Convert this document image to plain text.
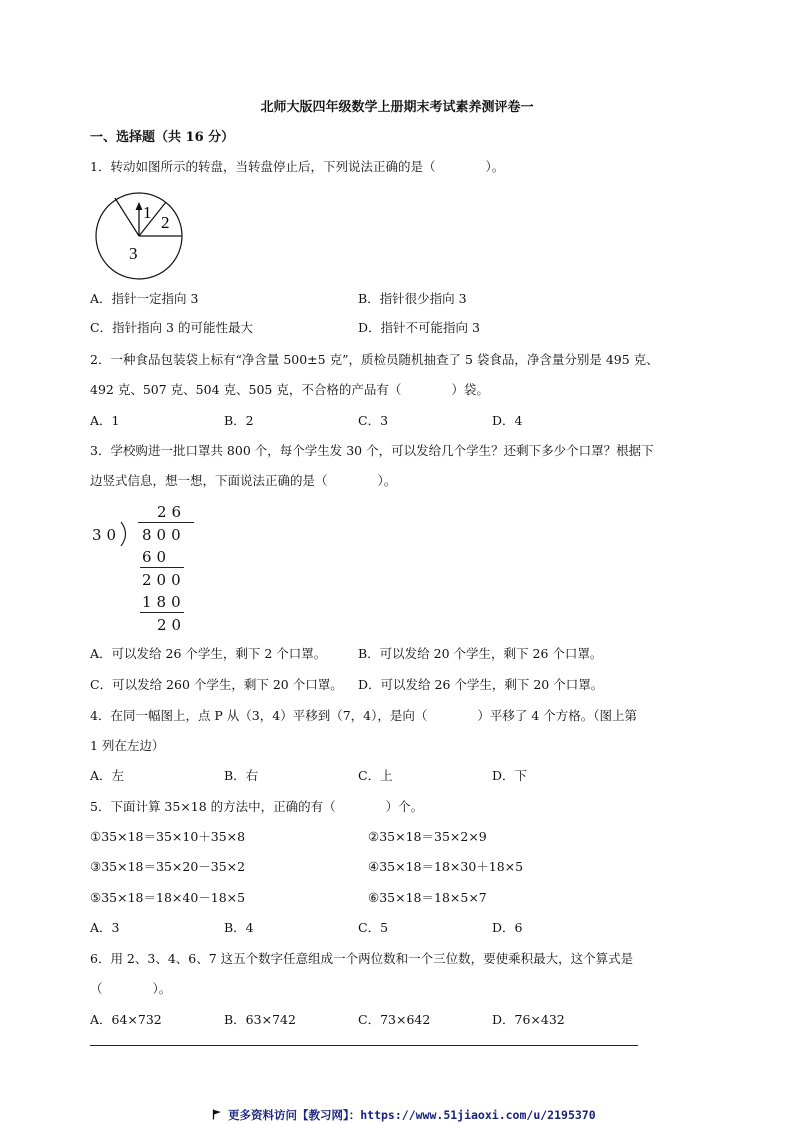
北师大版四年级数学上册期末考试素养测评卷一
一、选择题（共 16 分）
1．转动如图所示的转盘，当转盘停止后，下列说法正确的是（　　　　）。
1
2
3
A．指针一定指向 3	B．指针很少指向 3
C．指针指向 3 的可能性最大	D．指针不可能指向 3
2．一种食品包装袋上标有“净含量 500±5 克”，质检员随机抽查了 5 袋食品，净含量分别是 495 克、
492 克、507 克、504 克、505 克，不合格的产品有（　　　　）袋。
A．1	B．2	C．3	D．4
3．学校购进一批口罩共 800 个，每个学生发 30 个，可以发给几个学生？还剩下多少个口罩？根据下
边竖式信息，想一想，下面说法正确的是（　　　　）。
26
30 800
60
200
180
20
A．可以发给 26 个学生，剩下 2 个口罩。	B．可以发给 20 个学生，剩下 26 个口罩。
C．可以发给 260 个学生，剩下 20 个口罩。 D．可以发给 26 个学生，剩下 20 个口罩。
4．在同一幅图上，点 P 从（3，4）平移到（7，4），是向（　　　　）平移了 4 个方格。（图上第
1 列在左边）
A．左	B．右	C．上	D．下
5．下面计算 35×18 的方法中，正确的有（　　　　）个。
①35×18＝35×10＋35×8	②35×18＝35×2×9
③35×18＝35×20－35×2	④35×18＝18×30＋18×5
⑤35×18＝18×40－18×5	⑥35×18＝18×5×7
A．3	B．4	C．5	D．6
6．用 2、3、4、6、7 这五个数字任意组成一个两位数和一个三位数，要使乘积最大，这个算式是
（　　　　）。
A．64×732	B．63×742	C．73×642	D．76×432
更多资料访问【教习网】：https://www.51jiaoxi.com/u/2195370
